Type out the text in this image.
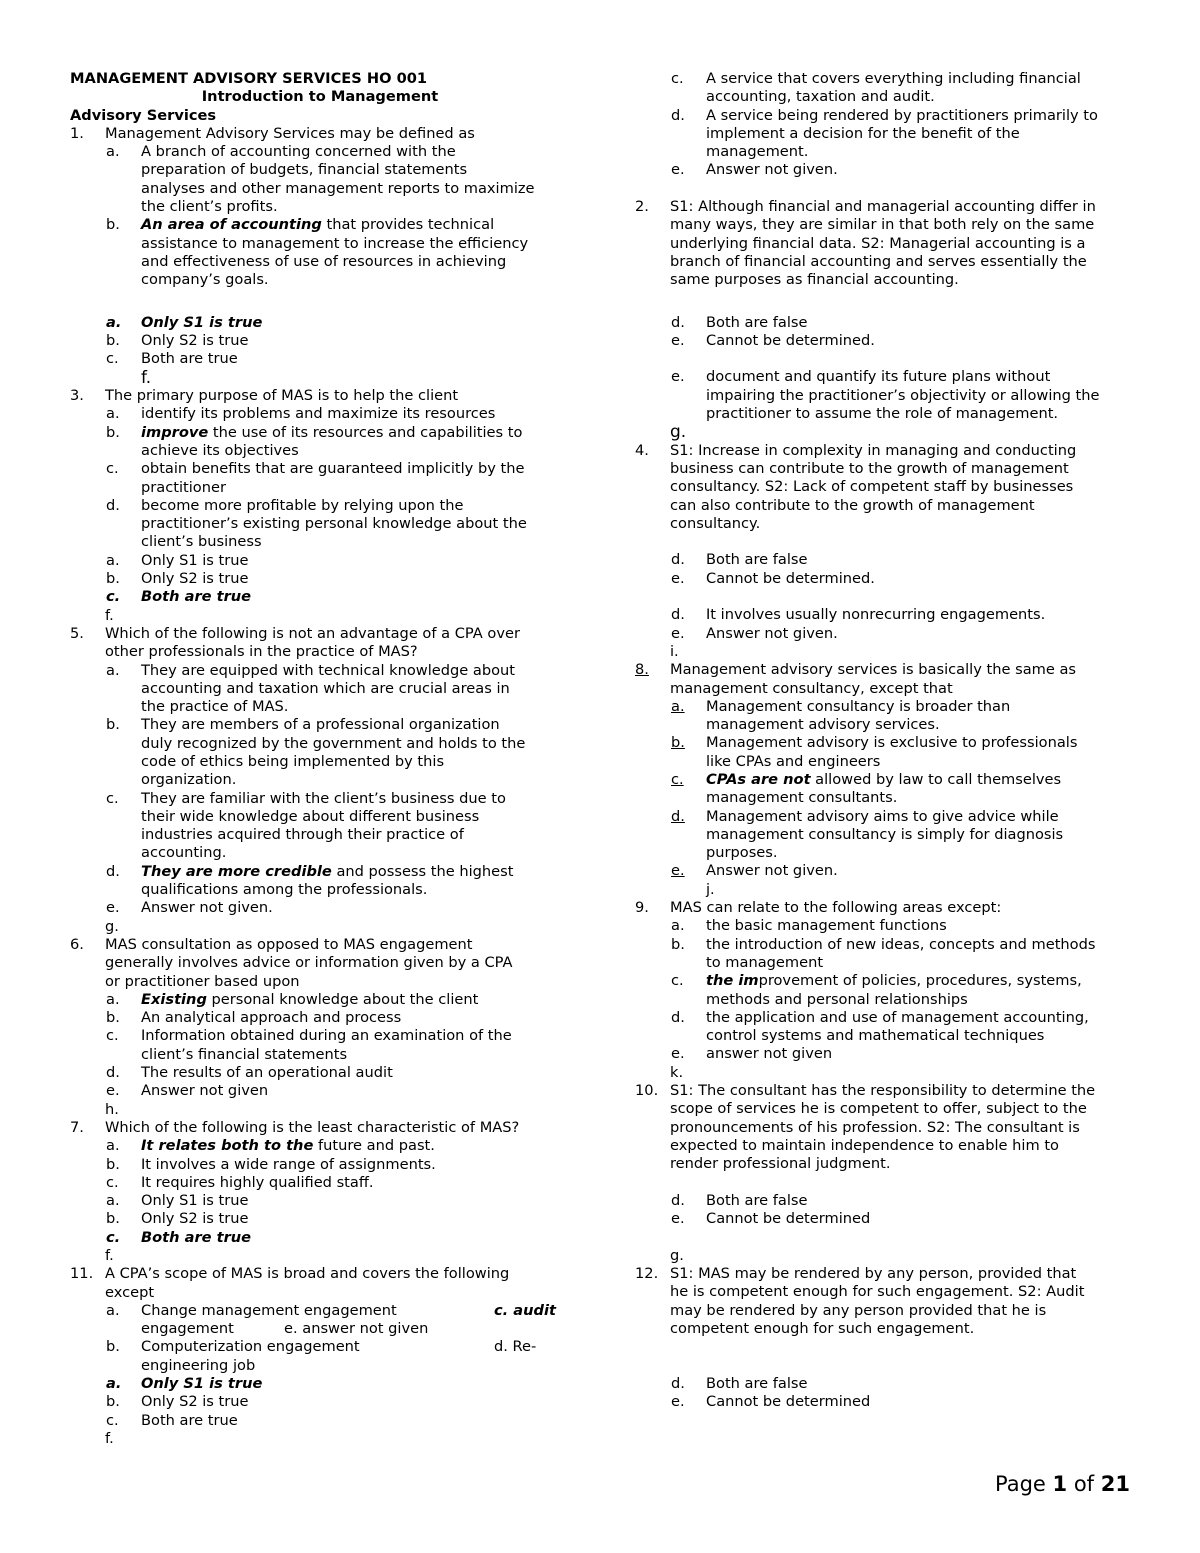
MANAGEMENT ADVISORY SERVICES HO 001
Introduction to Management
Advisory Services
1. Management Advisory Services may be defined as
a. A branch of accounting concerned with the
preparation of budgets, financial statements
analyses and other management reports to maximize
the client’s profits.
b. An area of accounting that provides technical
assistance to management to increase the efficiency
and effectiveness of use of resources in achieving
company’s goals.
a. Only S1 is true
b. Only S2 is true
c. Both are true
f.
3. The primary purpose of MAS is to help the client
a. identify its problems and maximize its resources
b. improve the use of its resources and capabilities to
achieve its objectives
c. obtain benefits that are guaranteed implicitly by the
practitioner
d. become more profitable by relying upon the
practitioner’s existing personal knowledge about the
client’s business
a. Only S1 is true
b. Only S2 is true
c. Both are true
f.
5. Which of the following is not an advantage of a CPA over
other professionals in the practice of MAS?
a. They are equipped with technical knowledge about
accounting and taxation which are crucial areas in
the practice of MAS.
b. They are members of a professional organization
duly recognized by the government and holds to the
code of ethics being implemented by this
organization.
c. They are familiar with the client’s business due to
their wide knowledge about different business
industries acquired through their practice of
accounting.
d. They are more credible and possess the highest
qualifications among the professionals.
e. Answer not given.
g.
6. MAS consultation as opposed to MAS engagement
generally involves advice or information given by a CPA
or practitioner based upon
a. Existing personal knowledge about the client
b. An analytical approach and process
c. Information obtained during an examination of the
client’s financial statements
d. The results of an operational audit
e. Answer not given
h.
7. Which of the following is the least characteristic of MAS?
a. It relates both to the future and past.
b. It involves a wide range of assignments.
c. It requires highly qualified staff.
a. Only S1 is true
b. Only S2 is true
c. Both are true
f.
11. A CPA’s scope of MAS is broad and covers the following
except
a. Change management engagement	c. audit
engagement	e. answer not given
b. Computerization engagement	d. Re-
engineering job
a. Only S1 is true
b. Only S2 is true
c. Both are true
f.
c. A service that covers everything including financial
accounting, taxation and audit.
d. A service being rendered by practitioners primarily to
implement a decision for the benefit of the
management.
e. Answer not given.
2. S1: Although financial and managerial accounting differ in
many ways, they are similar in that both rely on the same
underlying financial data. S2: Managerial accounting is a
branch of financial accounting and serves essentially the
same purposes as financial accounting.
d. Both are false
e. Cannot be determined.
e. document and quantify its future plans without
impairing the practitioner’s objectivity or allowing the
practitioner to assume the role of management.
g.
4. S1: Increase in complexity in managing and conducting
business can contribute to the growth of management
consultancy. S2: Lack of competent staff by businesses
can also contribute to the growth of management
consultancy.
d. Both are false
e. Cannot be determined.
d. It involves usually nonrecurring engagements.
e. Answer not given.
i.
8.	Management advisory services is basically the same as
management consultancy, except that
a.	Management consultancy is broader than
management advisory services.
b.	Management advisory is exclusive to professionals
like CPAs and engineers
c.	CPAs are not allowed by law to call themselves
management consultants.
d.	Management advisory aims to give advice while
management consultancy is simply for diagnosis
purposes.
e.	Answer not given.
j.
9. MAS can relate to the following areas except:
a. the basic management functions
b. the introduction of new ideas, concepts and methods
to management
c. the improvement of policies, procedures, systems,
methods and personal relationships
d. the application and use of management accounting,
control systems and mathematical techniques
e. answer not given
k.
10. S1: The consultant has the responsibility to determine the
scope of services he is competent to offer, subject to the
pronouncements of his profession. S2: The consultant is
expected to maintain independence to enable him to
render professional judgment.
d. Both are false
e. Cannot be determined
g.
12. S1: MAS may be rendered by any person, provided that
he is competent enough for such engagement. S2: Audit
may be rendered by any person provided that he is
competent enough for such engagement.
d. Both are false
e. Cannot be determined
Page 1 of 21
